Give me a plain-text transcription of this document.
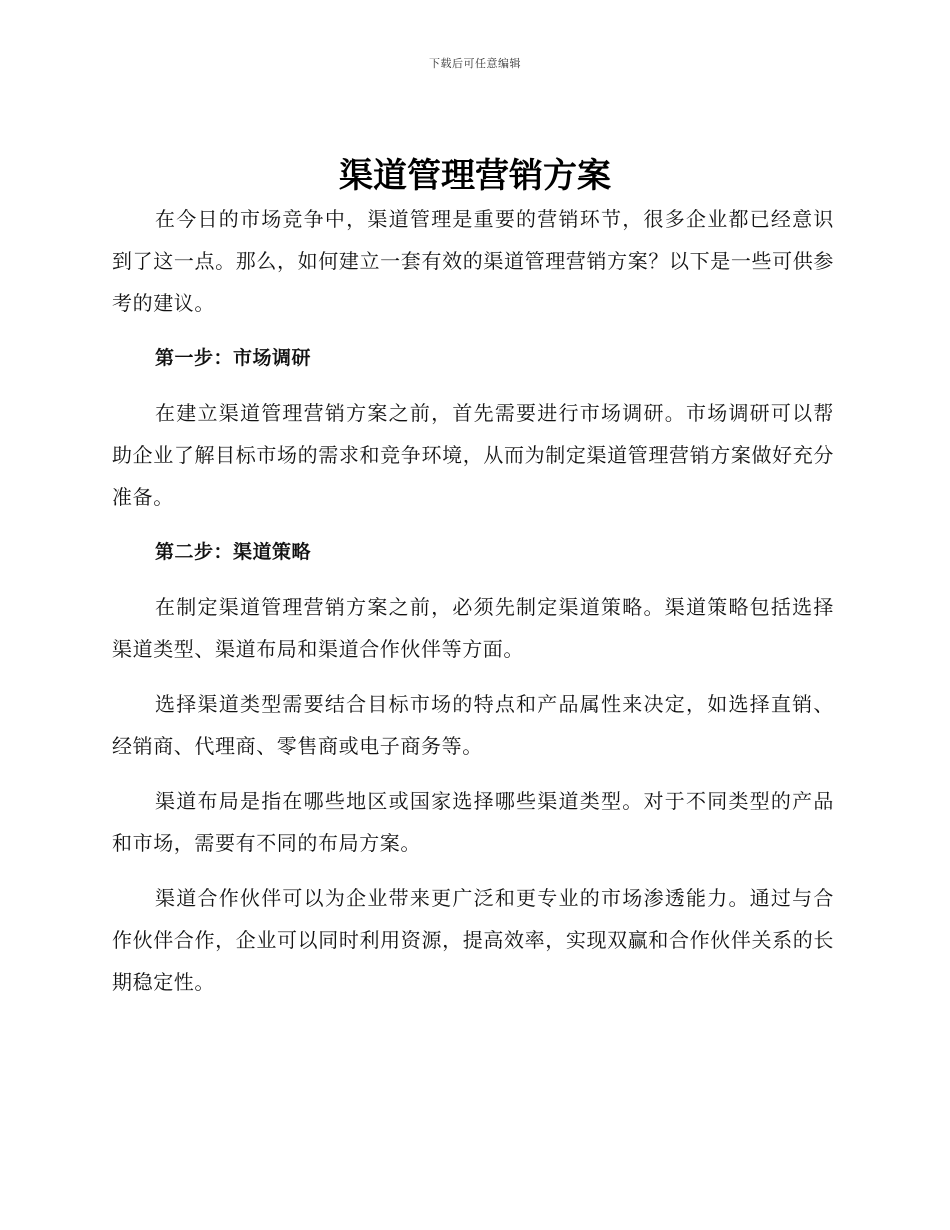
下载后可任意编辑
渠道管理营销方案

在今日的市场竞争中，渠道管理是重要的营销环节，很多企业都已经意识到了这一点。那么，如何建立一套有效的渠道管理营销方案？以下是一些可供参考的建议。

第一步：市场调研

在建立渠道管理营销方案之前，首先需要进行市场调研。市场调研可以帮助企业了解目标市场的需求和竞争环境，从而为制定渠道管理营销方案做好充分准备。

第二步：渠道策略

在制定渠道管理营销方案之前，必须先制定渠道策略。渠道策略包括选择渠道类型、渠道布局和渠道合作伙伴等方面。

选择渠道类型需要结合目标市场的特点和产品属性来决定，如选择直销、经销商、代理商、零售商或电子商务等。

渠道布局是指在哪些地区或国家选择哪些渠道类型。对于不同类型的产品和市场，需要有不同的布局方案。

渠道合作伙伴可以为企业带来更广泛和更专业的市场渗透能力。通过与合作伙伴合作，企业可以同时利用资源，提高效率，实现双赢和合作伙伴关系的长期稳定性。
